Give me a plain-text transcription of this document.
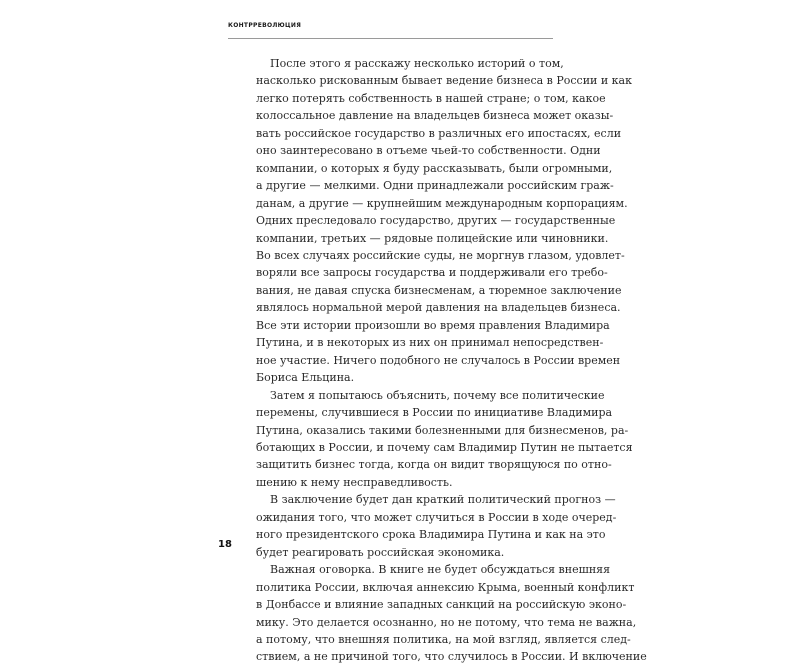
КОНТРРЕВОЛЮЦИЯ
После этого я расскажу несколько историй о том,
насколько рискованным бывает ведение бизнеса в России и как
легко потерять собственность в нашей стране; о том, какое
колоссальное давление на владельцев бизнеса может оказы-
вать российское государство в различных его ипостасях, если
оно заинтересовано в отъеме чьей-то собственности. Одни
компании, о которых я буду рассказывать, были огромными,
а другие — мелкими. Одни принадлежали российским граж-
данам, а другие — крупнейшим международным корпорациям.
Одних преследовало государство, других — государственные
компании, третьих — рядовые полицейские или чиновники.
Во всех случаях российские суды, не моргнув глазом, удовлет-
воряли все запросы государства и поддерживали его требо-
вания, не давая спуска бизнесменам, а тюремное заключение
являлось нормальной мерой давления на владельцев бизнеса.
Все эти истории произошли во время правления Владимира
Путина, и в некоторых из них он принимал непосредствен-
ное участие. Ничего подобного не случалось в России времен
Бориса Ельцина.
Затем я попытаюсь объяснить, почему все политические
перемены, случившиеся в России по инициативе Владимира
Путина, оказались такими болезненными для бизнесменов, ра-
ботающих в России, и почему сам Владимир Путин не пытается
защитить бизнес тогда, когда он видит творящуюся по отно-
шению к нему несправедливость.
В заключение будет дан краткий политический прогноз —
ожидания того, что может случиться в России в ходе очеред-
ного президентского срока Владимира Путина и как на это
будет реагировать российская экономика.
Важная оговорка. В книге не будет обсуждаться внешняя
политика России, включая аннексию Крыма, военный конфликт
в Донбассе и влияние западных санкций на российскую эконо-
мику. Это делается осознанно, но не потому, что тема не важна,
а потому, что внешняя политика, на мой взгляд, является след-
ствием, а не причиной того, что случилось в России. И включение
18
